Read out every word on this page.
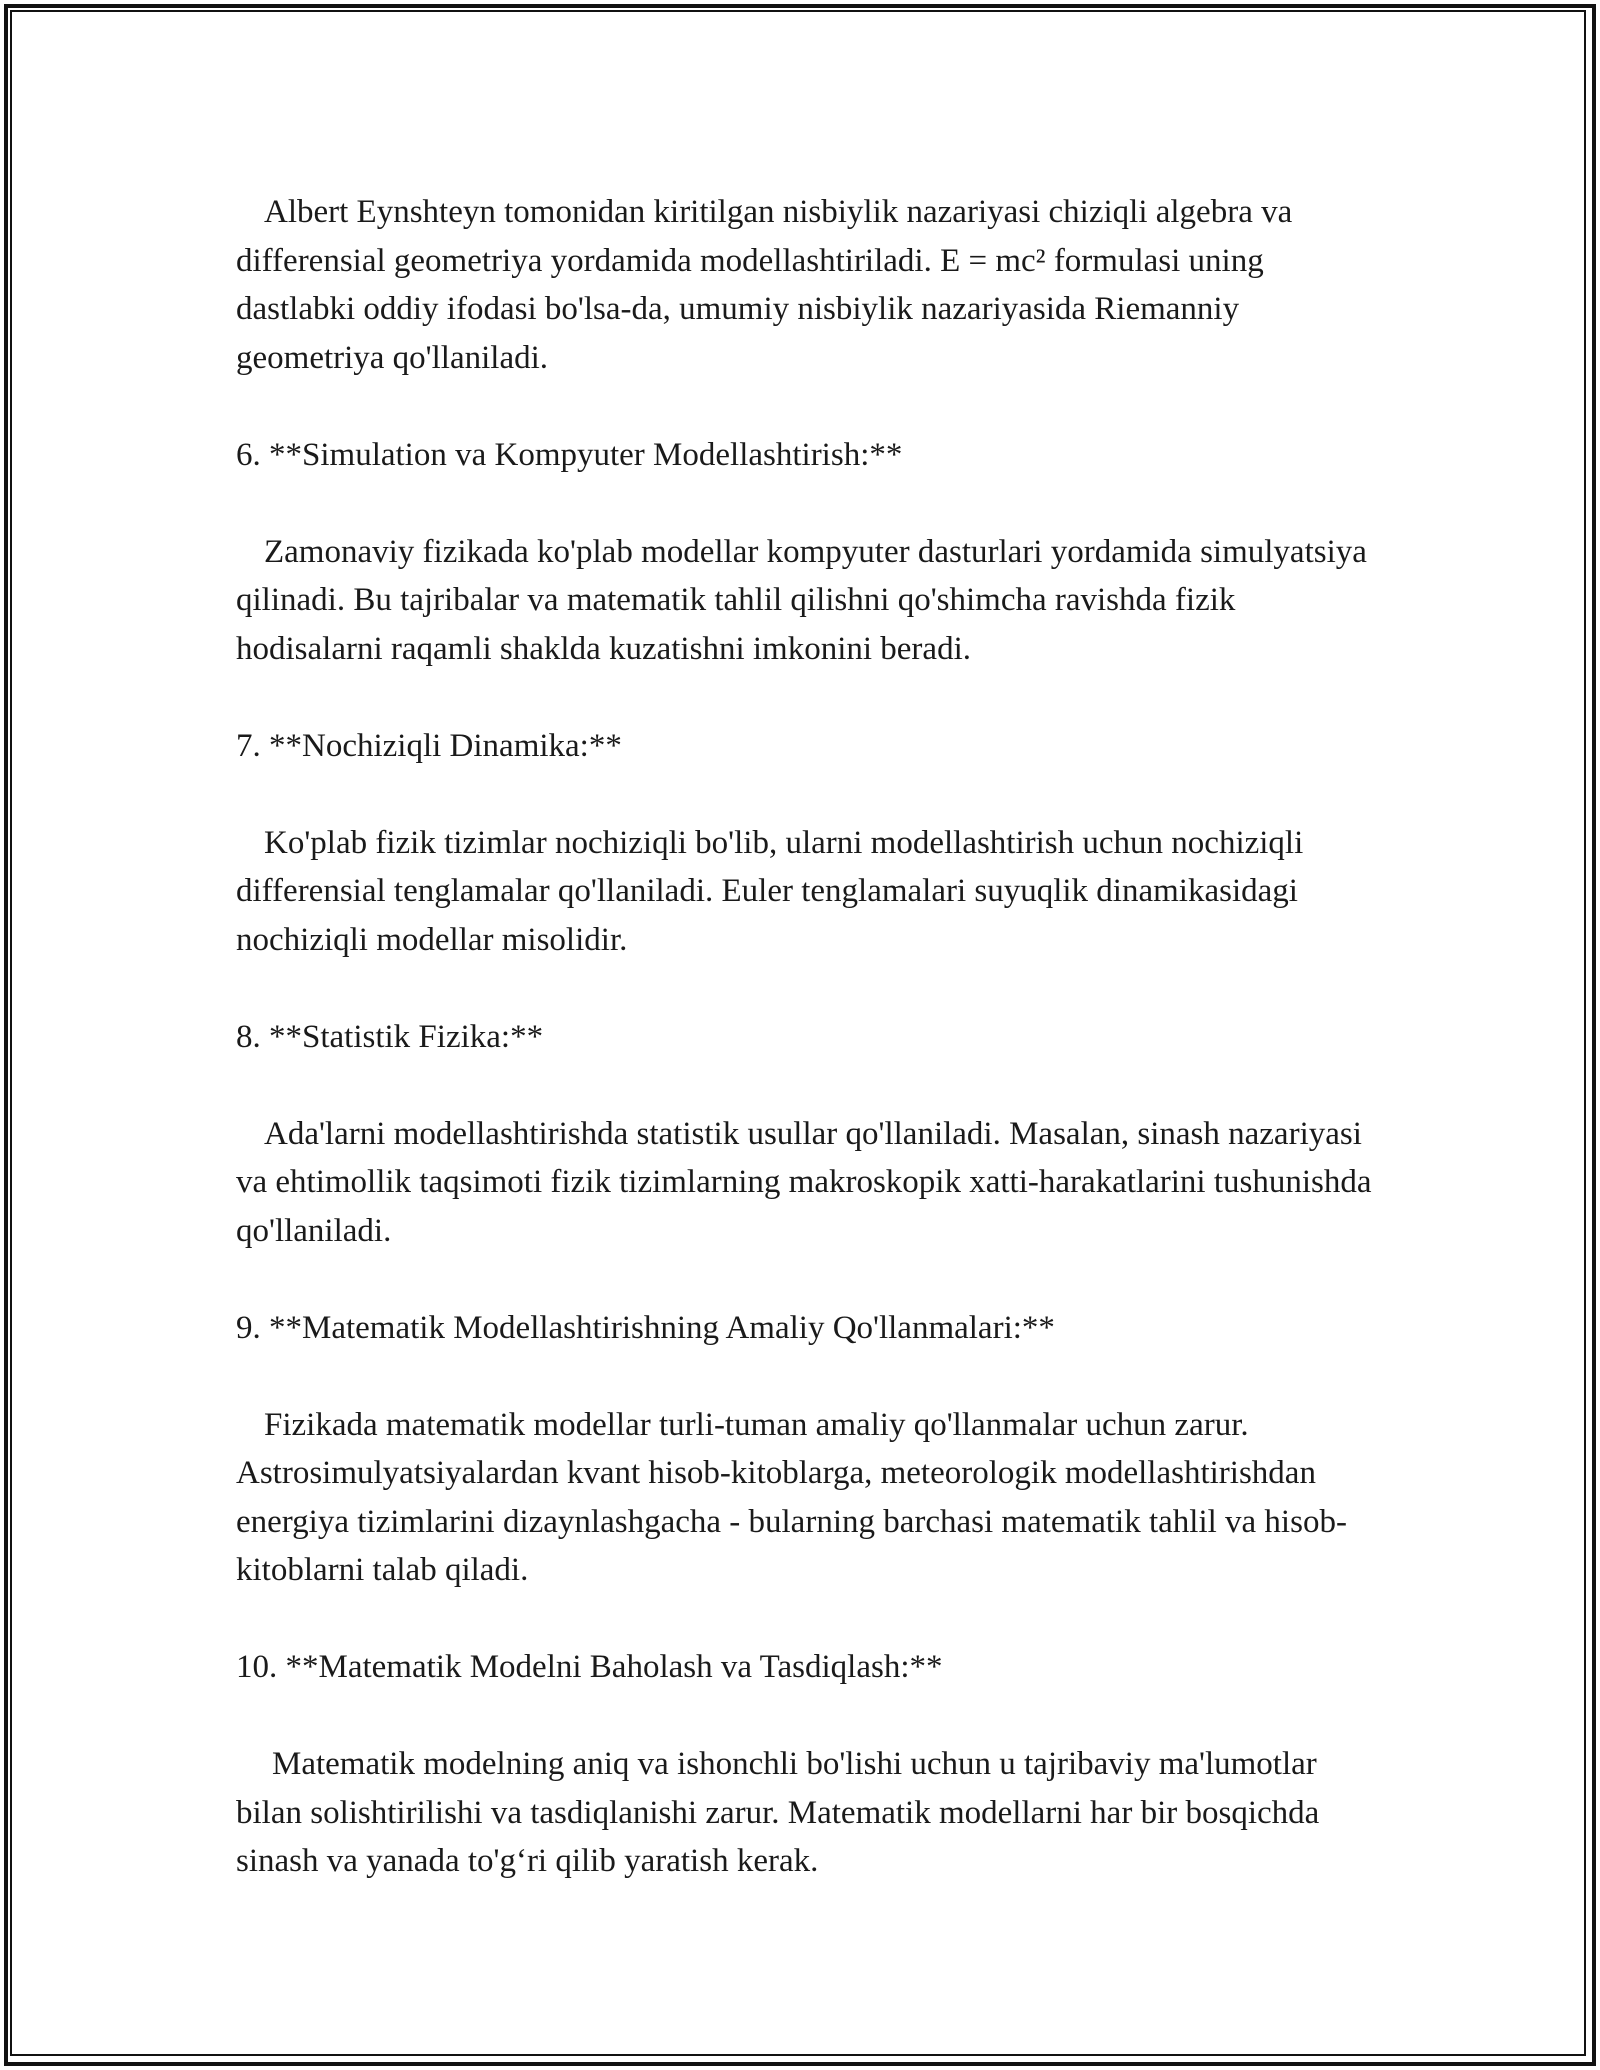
Albert Eynshteyn tomonidan kiritilgan nisbiylik nazariyasi chiziqli algebra va differensial geometriya yordamida modellashtiriladi. E = mc² formulasi uning dastlabki oddiy ifodasi bo'lsa-da, umumiy nisbiylik nazariyasida Riemanniy geometriya qo'llaniladi.

6. **Simulation va Kompyuter Modellashtirish:**

Zamonaviy fizikada ko'plab modellar kompyuter dasturlari yordamida simulyatsiya qilinadi. Bu tajribalar va matematik tahlil qilishni qo'shimcha ravishda fizik hodisalarni raqamli shaklda kuzatishni imkonini beradi.

7. **Nochiziqli Dinamika:**

Ko'plab fizik tizimlar nochiziqli bo'lib, ularni modellashtirish uchun nochiziqli differensial tenglamalar qo'llaniladi. Euler tenglamalari suyuqlik dinamikasidagi nochiziqli modellar misolidir.

8. **Statistik Fizika:**

Ada'larni modellashtirishda statistik usullar qo'llaniladi. Masalan, sinash nazariyasi va ehtimollik taqsimoti fizik tizimlarning makroskopik xatti-harakatlarini tushunishda qo'llaniladi.

9. **Matematik Modellashtirishning Amaliy Qo'llanmalari:**

Fizikada matematik modellar turli-tuman amaliy qo'llanmalar uchun zarur. Astrosimulyatsiyalardan kvant hisob-kitoblarga, meteorologik modellashtirishdan energiya tizimlarini dizaynlashgacha - bularning barchasi matematik tahlil va hisob-kitoblarni talab qiladi.

10. **Matematik Modelni Baholash va Tasdiqlash:**

Matematik modelning aniq va ishonchli bo'lishi uchun u tajribaviy ma'lumotlar bilan solishtirilishi va tasdiqlanishi zarur. Matematik modellarni har bir bosqichda sinash va yanada to'g‘ri qilib yaratish kerak.
